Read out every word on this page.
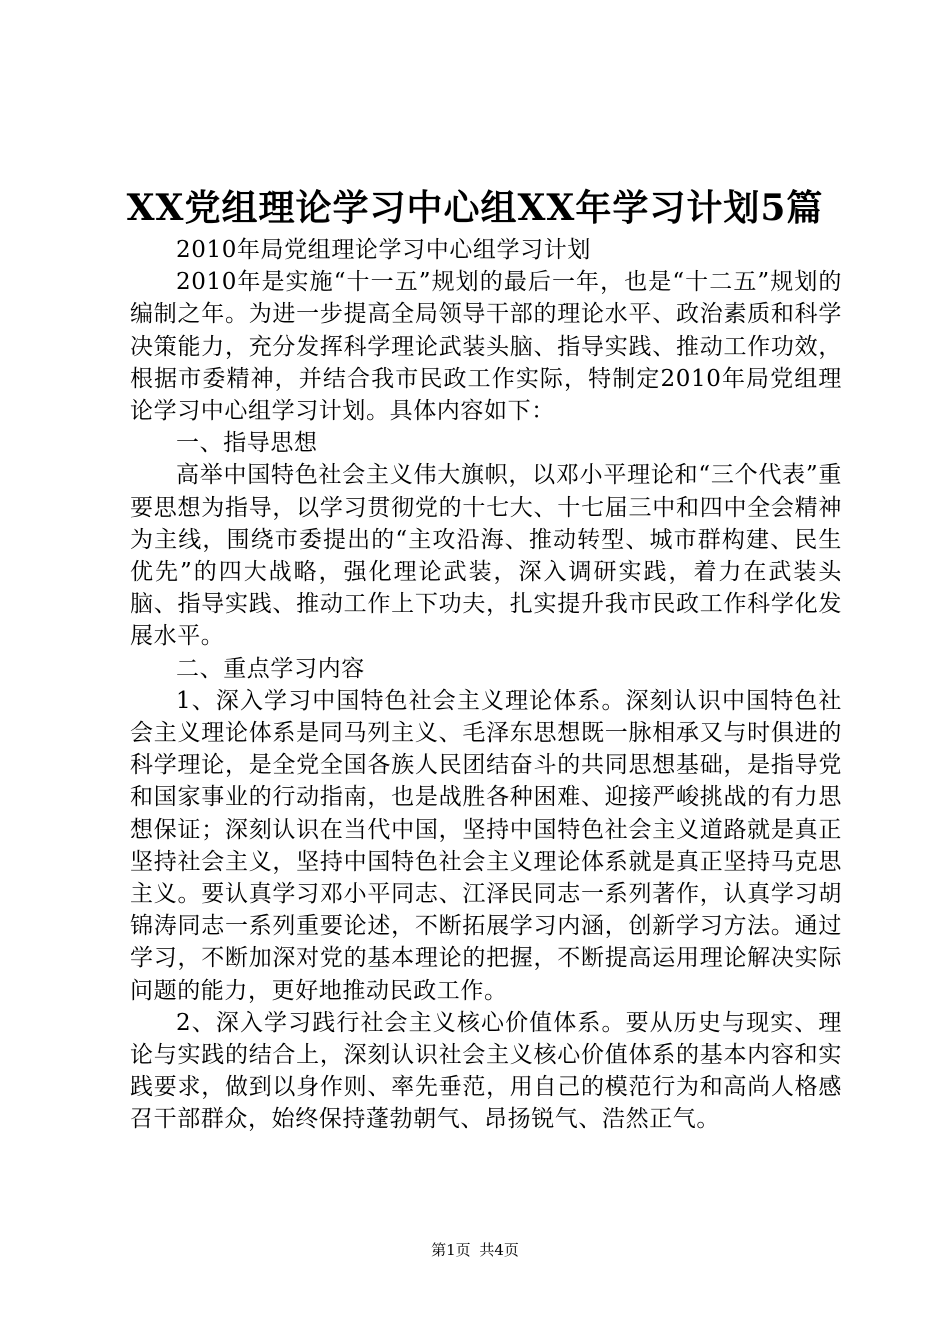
XX党组理论学习中心组XX年学习计划5篇

2010年局党组理论学习中心组学习计划

2010年是实施“十一五”规划的最后一年，也是“十二五”规划的编制之年。为进一步提高全局领导干部的理论水平、政治素质和科学决策能力，充分发挥科学理论武装头脑、指导实践、推动工作功效，根据市委精神，并结合我市民政工作实际，特制定2010年局党组理论学习中心组学习计划。具体内容如下：

一、指导思想

高举中国特色社会主义伟大旗帜，以邓小平理论和“三个代表”重要思想为指导，以学习贯彻党的十七大、十七届三中和四中全会精神为主线，围绕市委提出的“主攻沿海、推动转型、城市群构建、民生优先”的四大战略，强化理论武装，深入调研实践，着力在武装头脑、指导实践、推动工作上下功夫，扎实提升我市民政工作科学化发展水平。

二、重点学习内容

1、深入学习中国特色社会主义理论体系。深刻认识中国特色社会主义理论体系是同马列主义、毛泽东思想既一脉相承又与时俱进的科学理论，是全党全国各族人民团结奋斗的共同思想基础，是指导党和国家事业的行动指南，也是战胜各种困难、迎接严峻挑战的有力思想保证；深刻认识在当代中国，坚持中国特色社会主义道路就是真正坚持社会主义，坚持中国特色社会主义理论体系就是真正坚持马克思主义。要认真学习邓小平同志、江泽民同志一系列著作，认真学习胡锦涛同志一系列重要论述，不断拓展学习内涵，创新学习方法。通过学习，不断加深对党的基本理论的把握，不断提高运用理论解决实际问题的能力，更好地推动民政工作。

2、深入学习践行社会主义核心价值体系。要从历史与现实、理论与实践的结合上，深刻认识社会主义核心价值体系的基本内容和实践要求，做到以身作则、率先垂范，用自己的模范行为和高尚人格感召干部群众，始终保持蓬勃朝气、昂扬锐气、浩然正气。

第1页 共4页
